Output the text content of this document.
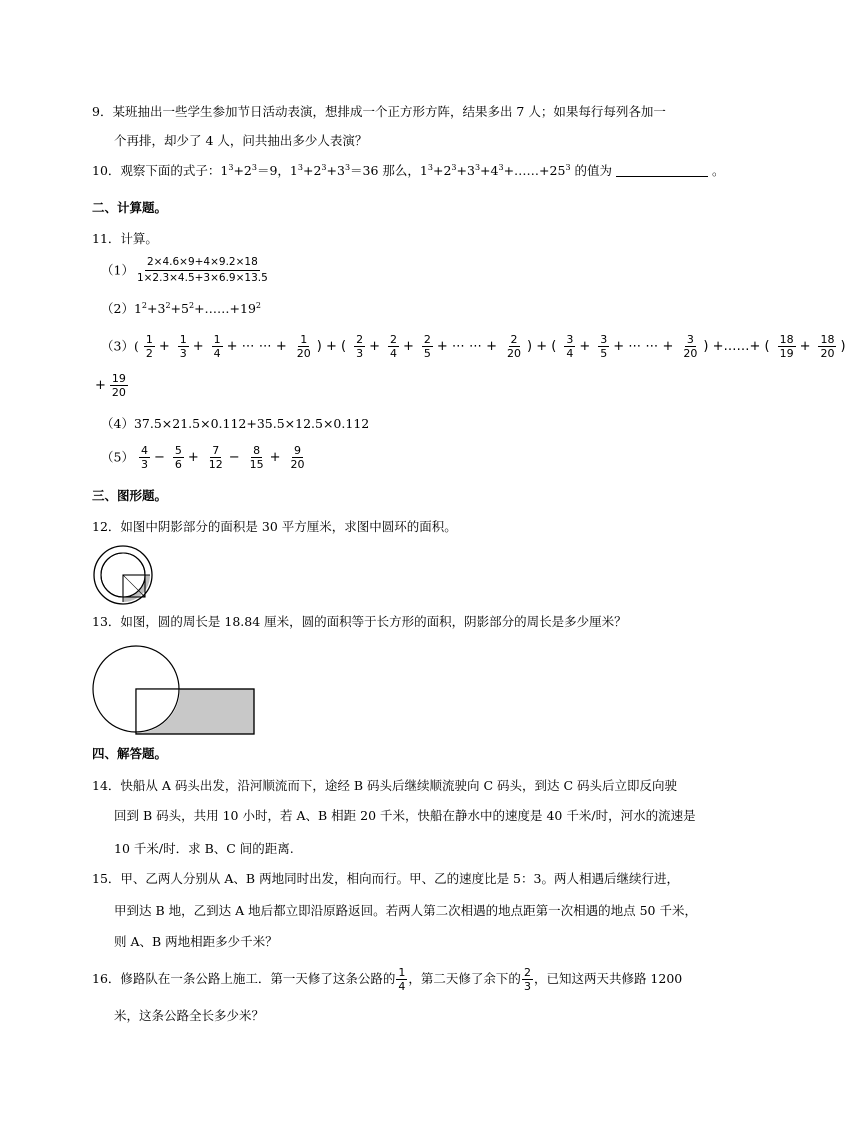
9．某班抽出一些学生参加节日活动表演，想排成一个正方形方阵，结果多出 7 人；如果每行每列各加一
个再排，却少了 4 人，问共抽出多少人表演？
10．观察下面的式子：$1^3+2^3=9$，$1^3+2^3+3^3=36$ 那么，$1^3+2^3+3^3+4^3+\dots\dots+25^3$ 的值为	。
二、计算题。
11．计算。
$(1) \frac{2\times 4.6\times 9+4\times 9.2\times 18}{1\times 2.3\times 4.5+3\times 6.9\times 13.5}$
$(2)1^2+3^2+5^2+\dots\dots+19^2$
$(3)( \frac{1}{2} + \frac{1}{3} + \frac{1}{4}$ + ⋯ ⋯ + $\frac{1}{20}$ ) + ( $\frac{2}{3} + \frac{2}{4} + \frac{2}{5}$ + ⋯ ⋯ + $\frac{2}{20}$ ) + ( $\frac{3}{4} + \frac{3}{5}$ + ⋯ ⋯ + $\frac{3}{20}$ ) +……+ ( $\frac{18}{19} + \frac{18}{20}$ )
+ $\frac{19}{20}$
（4）37.5×21.5×0.112+35.5×12.5×0.112
$(5) \frac{4}{3} - \frac{5}{6} + \frac{7}{12} - \frac{8}{15} + \frac{9}{20}$
三、图形题。
12．如图中阴影部分的面积是 30 平方厘米，求图中圆环的面积。
13．如图，圆的周长是 18.84 厘米，圆的面积等于长方形的面积，阴影部分的周长是多少厘米？
四、解答题。
14．快船从 A 码头出发，沿河顺流而下，途经 B 码头后继续顺流驶向 C 码头，到达 C 码头后立即反向驶
回到 B 码头，共用 10 小时，若 A、B 相距 20 千米，快船在静水中的速度是 40 千米/时，河水的流速是
10 千米/时．求 B、C 间的距离.
15．甲、乙两人分别从 A、B 两地同时出发，相向而行。甲、乙的速度比是 5：3。两人相遇后继续行进，
甲到达 B 地，乙到达 A 地后都立即沿原路返回。若两人第二次相遇的地点距第一次相遇的地点 50 千米，
则 A、B 两地相距多少千米？
16．修路队在一条公路上施工．第一天修了这条公路的 $\frac{1}{4}$ ，第二天修了余下的 $\frac{2}{3}$ ，已知这两天共修路 1200
米，这条公路全长多少米？
